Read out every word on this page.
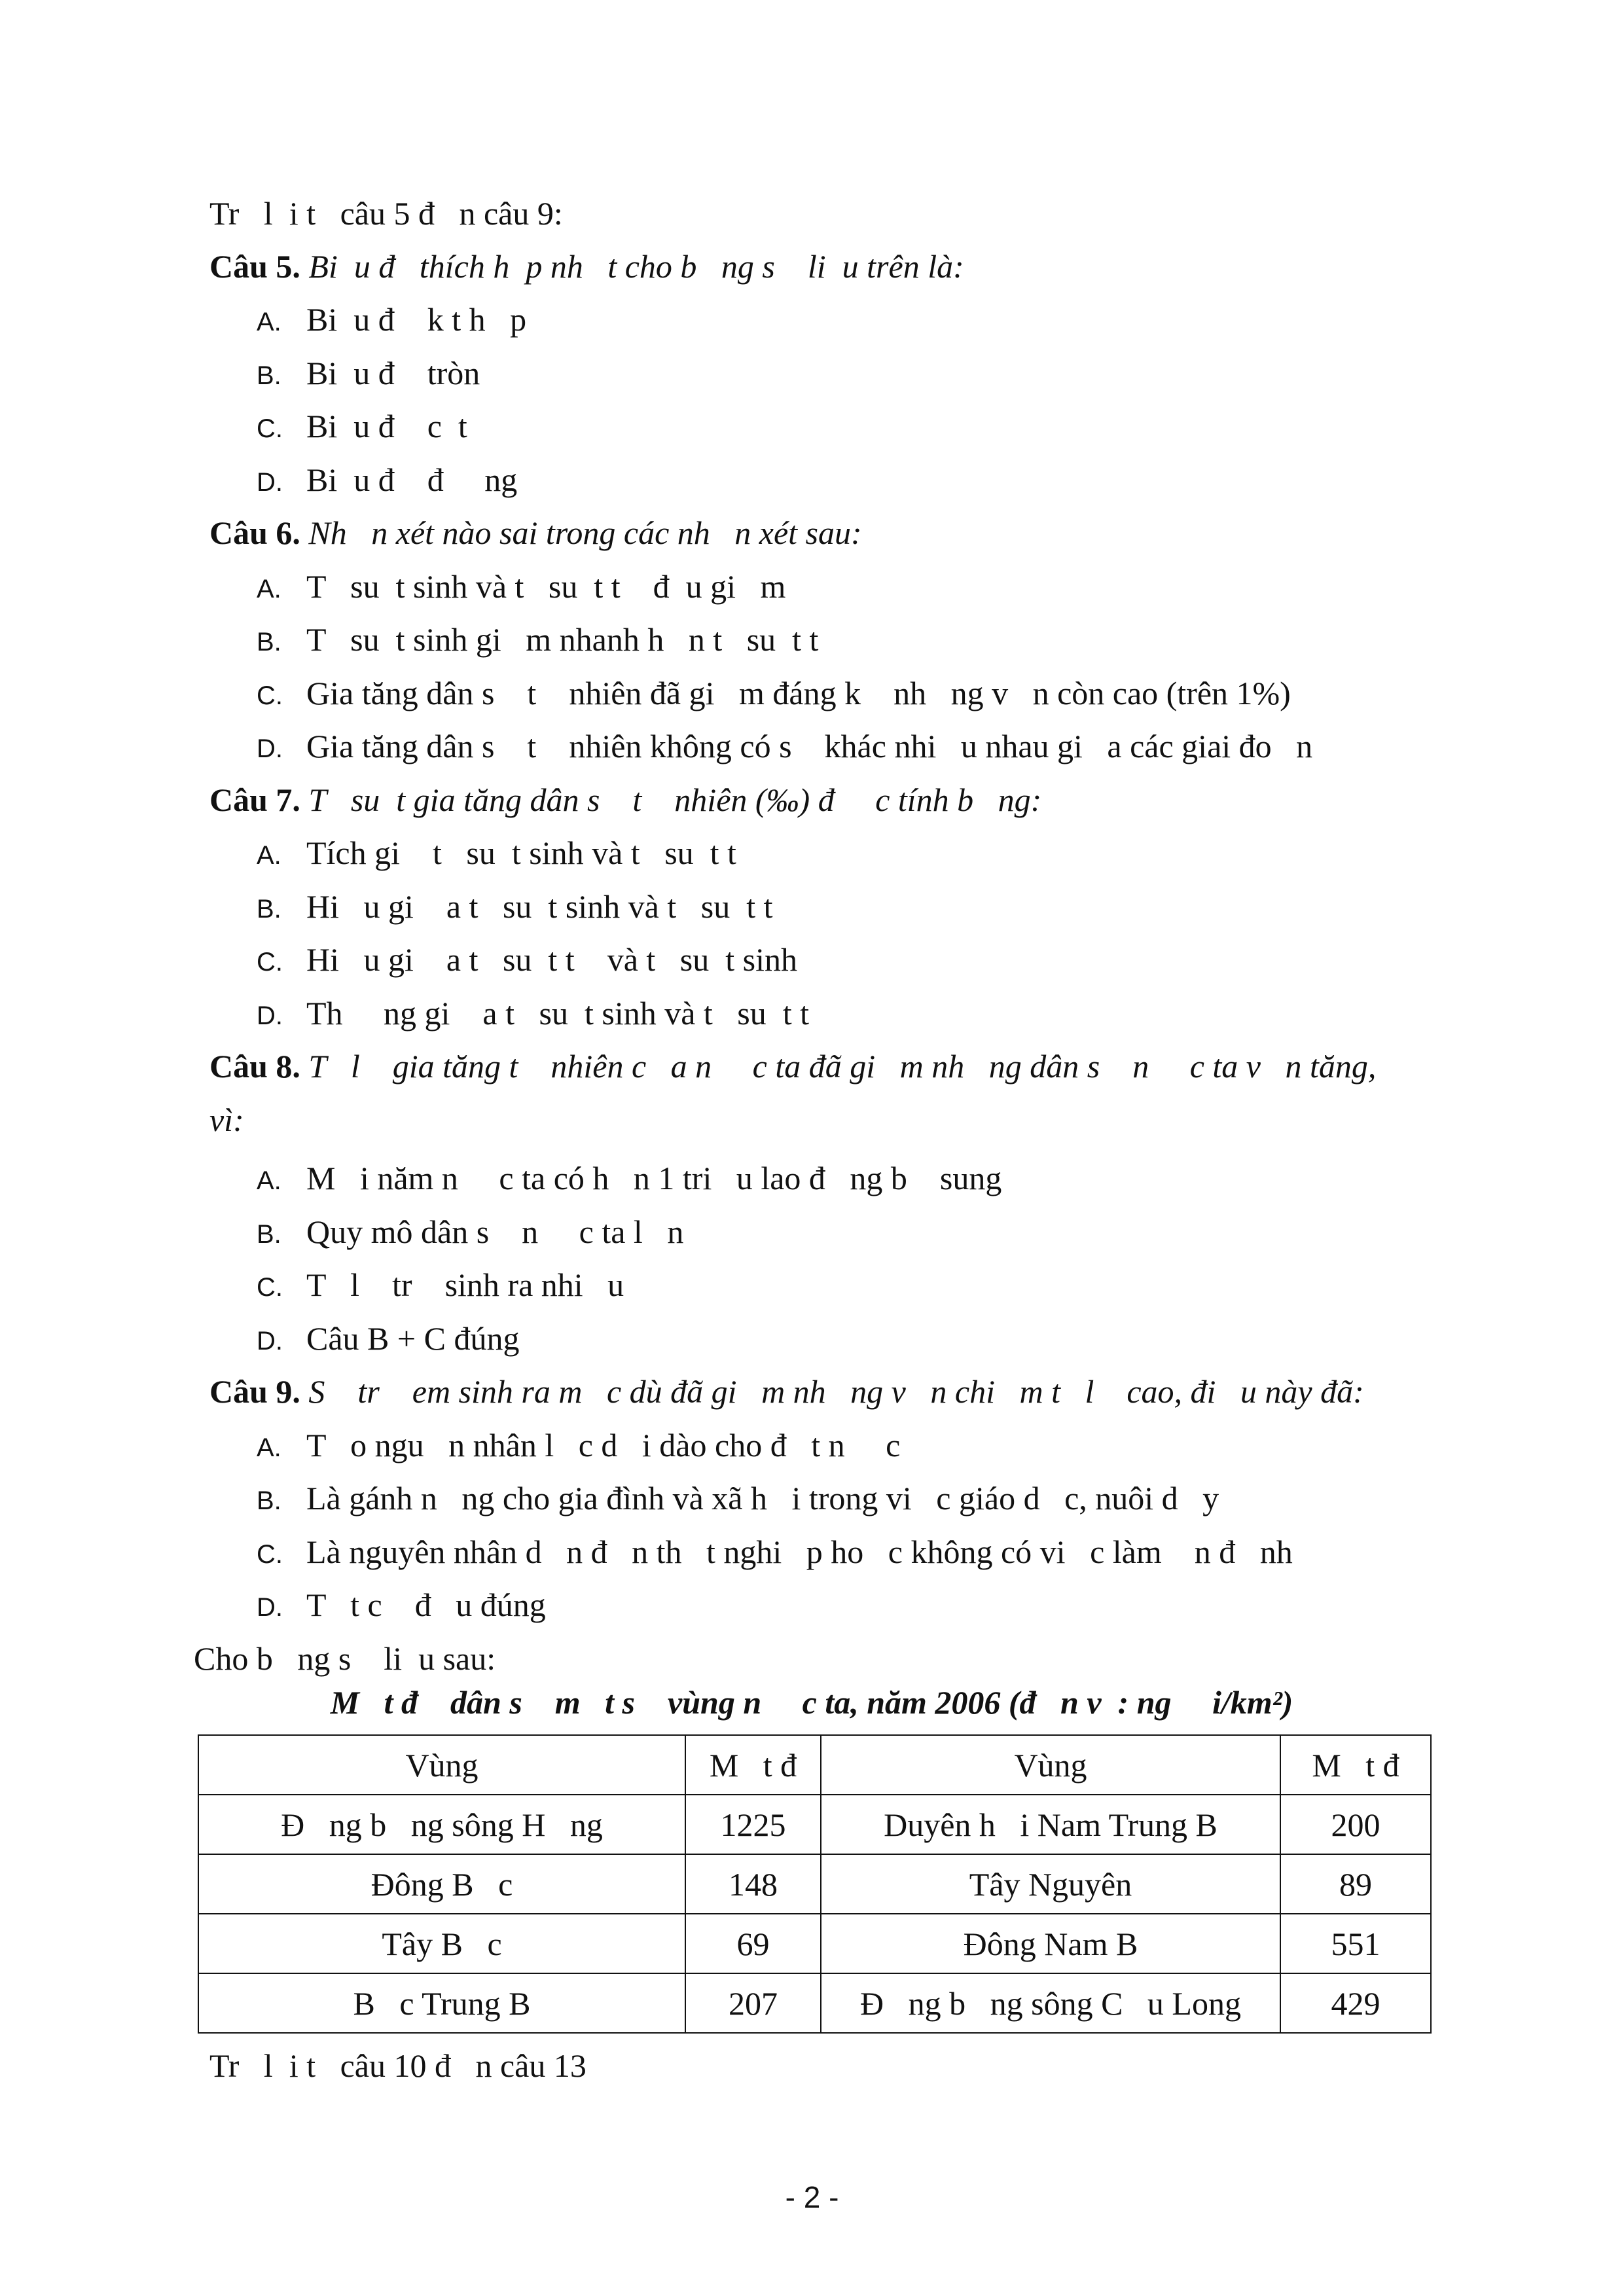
Tr   l  i t   câu 5 đ   n câu 9:
Câu 5. Bi  u đ   thích h  p nh   t cho b   ng s    li  u trên là:
A. Bi  u đ    k t h   p
B. Bi  u đ    tròn
C. Bi  u đ    c  t
D. Bi  u đ    đ     ng
Câu 6. Nh   n xét nào sai trong các nh   n xét sau:
A. T   su  t sinh và t   su  t t    đ  u gi   m
B. T   su  t sinh gi   m nhanh h   n t   su  t t
C. Gia tăng dân s    t    nhiên đã gi   m đáng k    nh   ng v   n còn cao (trên 1%)
D. Gia tăng dân s    t    nhiên không có s    khác nhi   u nhau gi   a các giai đo   n
Câu 7. T   su  t gia tăng dân s    t    nhiên (‰) đ     c tính b   ng:
A. Tích gi    t   su  t sinh và t   su  t t
B. Hi   u gi    a t   su  t sinh và t   su  t t
C. Hi   u gi    a t   su  t t    và t   su  t sinh
D. Th     ng gi    a t   su  t sinh và t   su  t t
Câu 8. T   l    gia tăng t    nhiên c   a n     c ta đã gi   m nh   ng dân s    n     c ta v   n tăng,
vì:
A. M   i năm n     c ta có h   n 1 tri   u lao đ   ng b    sung
B. Quy mô dân s    n     c ta l   n
C. T   l    tr    sinh ra nhi   u
D. Câu B + C đúng
Câu 9. S    tr    em sinh ra m   c dù đã gi   m nh   ng v   n chi   m t   l    cao, đi   u này đã:
A. T   o ngu   n nhân l   c d   i dào cho đ   t n     c
B. Là gánh n   ng cho gia đình và xã h   i trong vi   c giáo d   c, nuôi d   y
C. Là nguyên nhân d   n đ   n th   t nghi   p ho   c không có vi   c làm    n đ   nh
D. T   t c    đ   u đúng
Cho b   ng s    li  u sau:
M   t đ    dân s    m   t s    vùng n     c ta, năm 2006 (đ   n v  : ng     i/km²)
Vùng	M   t đ	Vùng	M   t đ
Đ   ng b   ng sông H   ng	1225	Duyên h   i Nam Trung B	200
Đông B   c	148	Tây Nguyên	89
Tây B   c	69	Đông Nam B	551
B   c Trung B	207	Đ   ng b   ng sông C   u Long	429
Tr   l  i t   câu 10 đ   n câu 13
- 2 -
